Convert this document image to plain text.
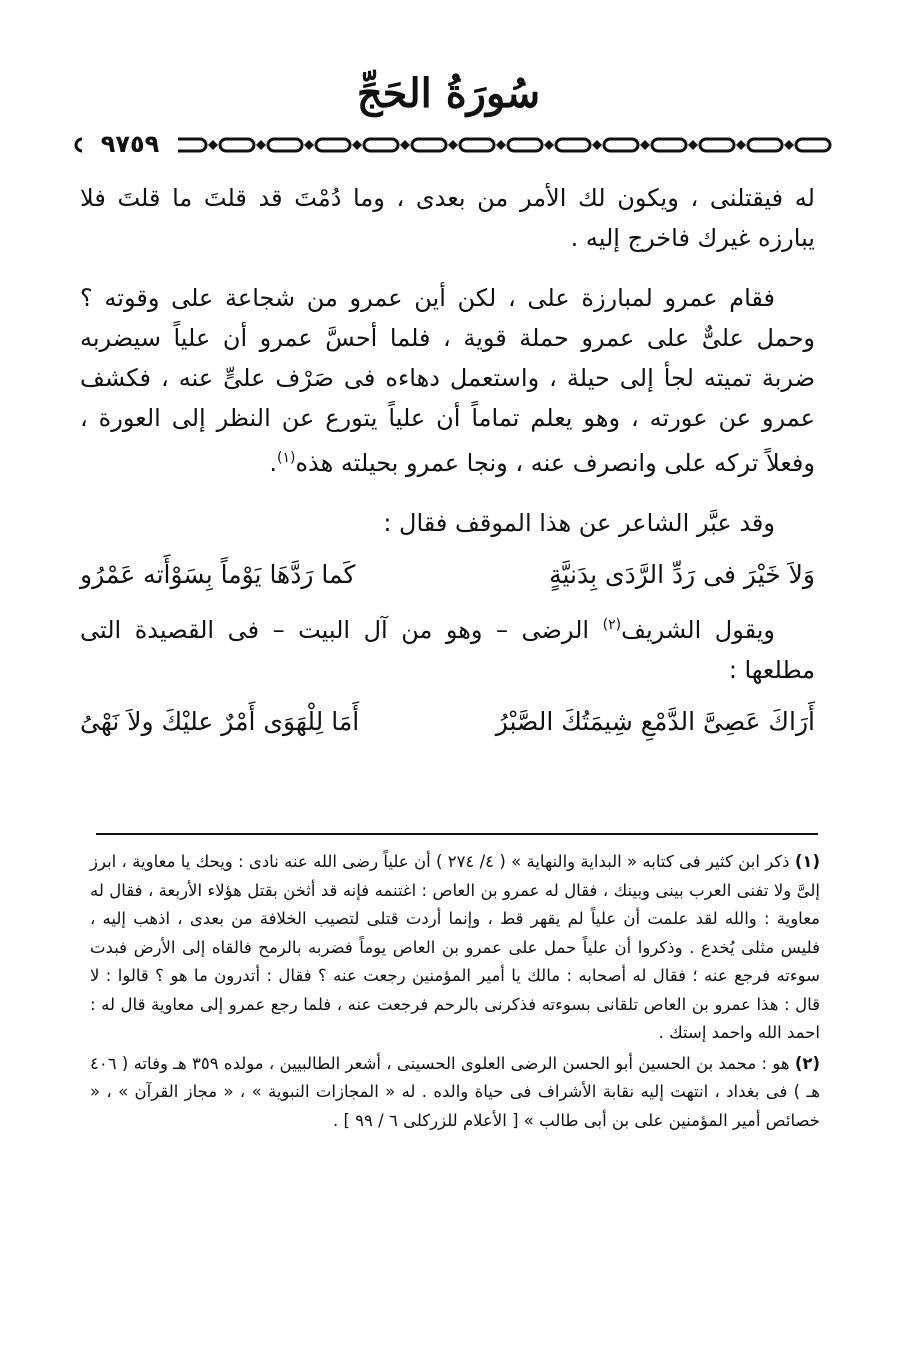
سُورَةُ الحَجِّ
٩٧٥٩

له فيقتلنى ، ويكون لك الأمر من بعدى ، وما دُمْتَ قد قلتَ ما قلتَ فلا يبارزه غيرك فاخرج إليه .

فقام عمرو لمبارزة على ، لكن أين عمرو من شجاعة على وقوته ؟ وحمل علىٌّ على عمرو حملة قوية ، فلما أحسَّ عمرو أن علياً سيضربه ضربة تميته لجأ إلى حيلة ، واستعمل دهاءه فى صَرْف علىٍّ عنه ، فكشف عمرو عن عورته ، وهو يعلم تماماً أن علياً يتورع عن النظر إلى العورة ، وفعلاً تركه على وانصرف عنه ، ونجا عمرو بحيلته هذه$^{(١)}$.

وقد عبَّر الشاعر عن هذا الموقف فقال :

وَلاَ خَيْرَ فى رَدِّ الرَّدَى بِدَنيَّةٍ
كَما رَدَّهَا يَوْماً بِسَوْأَته عَمْرُو

ويقول الشريف$^{(٢)}$ الرضى – وهو من آل البيت – فى القصيدة التى مطلعها :

أَرَاكَ عَصِىَّ الدَّمْعِ شِيمَتُكَ الصَّبْرُ
أَمَا لِلْهَوَى أَمْرٌ عليْكَ ولاَ نَهْىُ

(١) ذكر ابن كثير فى كتابه « البداية والنهاية » ( ٤/ ٢٧٤ ) أن علياً رضى الله عنه نادى : ويحك يا معاوية ، ابرز إلىَّ ولا تفنى العرب بينى وبينك ، فقال له عمرو بن العاص : اغتنمه فإنه قد أثخن بقتل هؤلاء الأربعة ، فقال له معاوية : والله لقد علمت أن علياً لم يقهر قط ، وإنما أردت قتلى لتصيب الخلافة من بعدى ، اذهب إليه ، فليس مثلى يُخدع . وذكروا أن علياً حمل على عمرو بن العاص يوماً فضربه بالرمح فالقاه إلى الأرض فبدت سوءته فرجع عنه ؛ فقال له أصحابه : مالك يا أمير المؤمنين رجعت عنه ؟ فقال : أتدرون ما هو ؟ قالوا : لا قال : هذا عمرو بن العاص تلقانى بسوءته فذكرنى بالرحم فرجعت عنه ، فلما رجع عمرو إلى معاوية قال له : احمد الله واحمد إستك .

(٢) هو : محمد بن الحسين أبو الحسن الرضى العلوى الحسينى ، أشعر الطالبيين ، مولده ٣٥٩ هـ وفاته ( ٤٠٦ هـ ) فى بغداد ، انتهت إليه نقابة الأشراف فى حياة والده . له « المجازات النبوية » ، « مجاز القرآن » ، « خصائص أمير المؤمنين على بن أبى طالب » [ الأعلام للزركلى ٦ / ٩٩ ] .
